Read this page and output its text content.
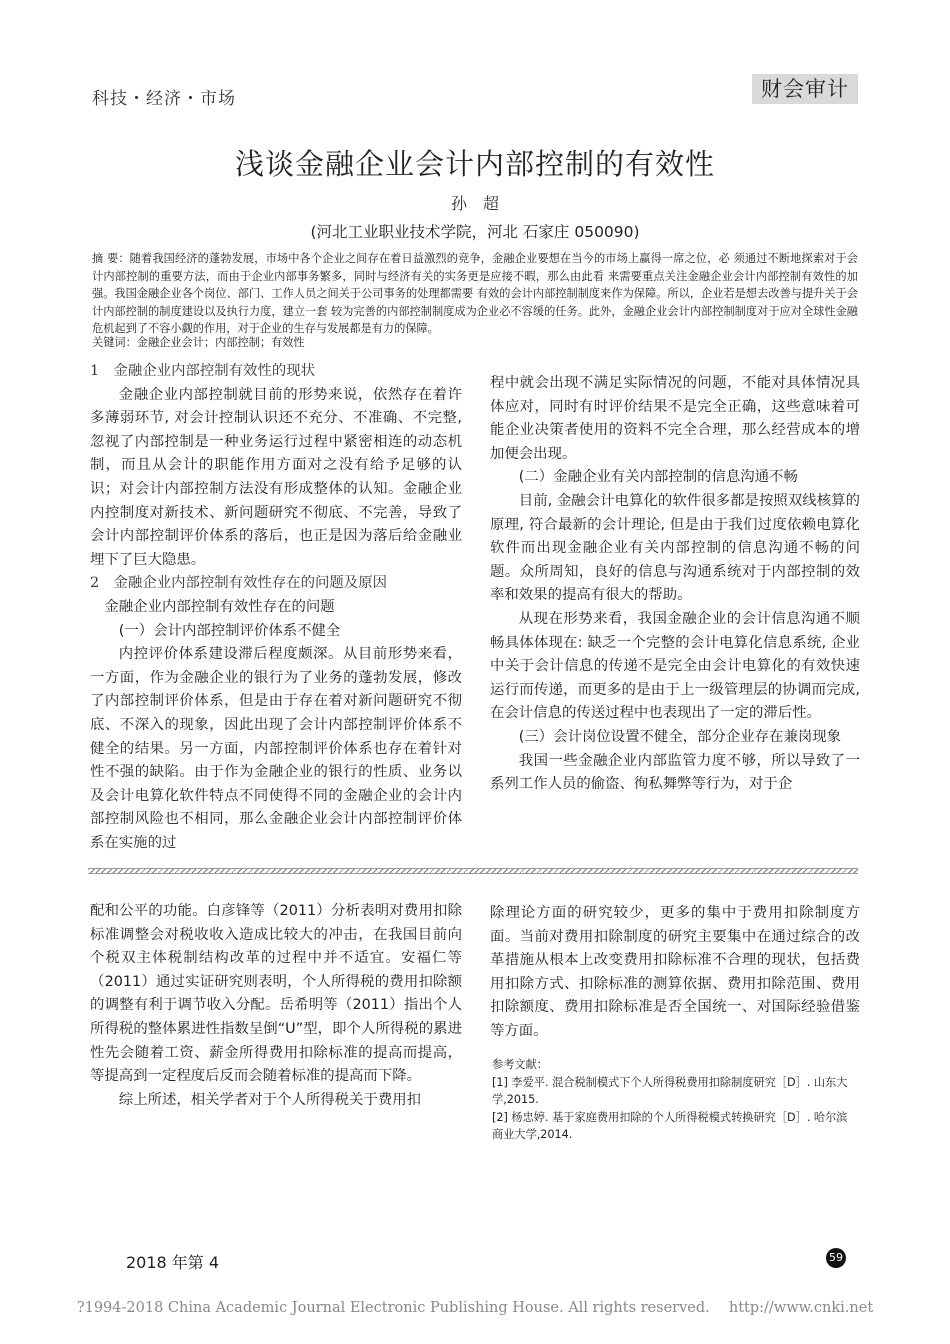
科技・经济・市场	财会审计
浅谈金融企业会计内部控制的有效性
孙　超
(河北工业职业技术学院，河北 石家庄 050090)
摘 要：随着我国经济的蓬勃发展，市场中各个企业之间存在着日益激烈的竞争，金融企业要想在当今的市场上赢得一席之位，必 须通过不断地探索对于会计内部控制的重要方法，而由于企业内部事务繁多，同时与经济有关的实务更是应接不暇，那么由此看 来需要重点关注金融企业会计内部控制有效性的加强。我国金融企业各个岗位、部门、工作人员之间关于公司事务的处理都需要 有效的会计内部控制制度来作为保障。所以，企业若是想去改善与提升关于会计内部控制的制度建设以及执行力度，建立一套 较为完善的内部控制制度成为企业必不容缓的任务。此外，金融企业会计内部控制制度对于应对全球性金融危机起到了不容小觑的作用，对于企业的生存与发展都是有力的保障。
关键词：金融企业会计；内部控制；有效性

1　金融企业内部控制有效性的现状

金融企业内部控制就目前的形势来说，依然存在着许多薄弱环节, 对会计控制认识还不充分、不准确、不完整, 忽视了内部控制是一种业务运行过程中紧密相连的动态机制，而且从会计的职能作用方面对之没有给予足够的认识；对会计内部控制方法没有形成整体的认知。金融企业内控制度对新技术、新问题研究不彻底、不完善，导致了会计内部控制评价体系的落后，也正是因为落后给金融业埋下了巨大隐患。

2　金融企业内部控制有效性存在的问题及原因

金融企业内部控制有效性存在的问题

(一）会计内部控制评价体系不健全

内控评价体系建设滞后程度颇深。从目前形势来看，一方面，作为金融企业的银行为了业务的蓬勃发展，修改了内部控制评价体系，但是由于存在着对新问题研究不彻底、不深入的现象，因此出现了会计内部控制评价体系不健全的结果。另一方面，内部控制评价体系也存在着针对性不强的缺陷。由于作为金融企业的银行的性质、业务以及会计电算化软件特点不同使得不同的金融企业的会计内部控制风险也不相同，那么金融企业会计内部控制评价体系在实施的过

程中就会出现不满足实际情况的问题，不能对具体情况具体应对，同时有时评价结果不是完全正确，这些意味着可能企业决策者使用的资料不完全合理，那么经营成本的增加便会出现。

(二）金融企业有关内部控制的信息沟通不畅

目前, 金融会计电算化的软件很多都是按照双线核算的原理, 符合最新的会计理论, 但是由于我们过度依赖电算化软件而出现金融企业有关内部控制的信息沟通不畅的问题。众所周知，良好的信息与沟通系统对于内部控制的效率和效果的提高有很大的帮助。

从现在形势来看，我国金融企业的会计信息沟通不顺畅具体体现在: 缺乏一个完整的会计电算化信息系统, 企业中关于会计信息的传递不是完全由会计电算化的有效快速运行而传递，而更多的是由于上一级管理层的协调而完成, 在会计信息的传送过程中也表现出了一定的滞后性。

(三）会计岗位设置不健全，部分企业存在兼岗现象

我国一些金融企业内部监管力度不够，所以导致了一系列工作人员的偷盗、徇私舞弊等行为，对于企

配和公平的功能。白彦锋等（2011）分析表明对费用扣除标准调整会对税收收入造成比较大的冲击，在我国目前向个税双主体税制结构改革的过程中并不适宜。安福仁等（2011）通过实证研究则表明，个人所得税的费用扣除额的调整有利于调节收入分配。岳希明等（2011）指出个人所得税的整体累进性指数呈倒“U”型，即个人所得税的累进性先会随着工资、薪金所得费用扣除标准的提高而提高，等提高到一定程度后反而会随着标准的提高而下降。

综上所述，相关学者对于个人所得税关于费用扣

除理论方面的研究较少，更多的集中于费用扣除制度方面。当前对费用扣除制度的研究主要集中在通过综合的改革措施从根本上改变费用扣除标准不合理的现状，包括费用扣除方式、扣除标准的测算依据、费用扣除范围、费用扣除额度、费用扣除标准是否全国统一、对国际经验借鉴等方面。

参考文献：
[1] 李爱平. 混合税制模式下个人所得税费用扣除制度研究［D］. 山东大学,2015.
[2] 杨忠婷. 基于家庭费用扣除的个人所得税模式转换研究［D］. 哈尔滨商业大学,2014.
2018 年第 4	59
?1994-2018 China Academic Journal Electronic Publishing House. All rights reserved.　 http://www.cnki.net
